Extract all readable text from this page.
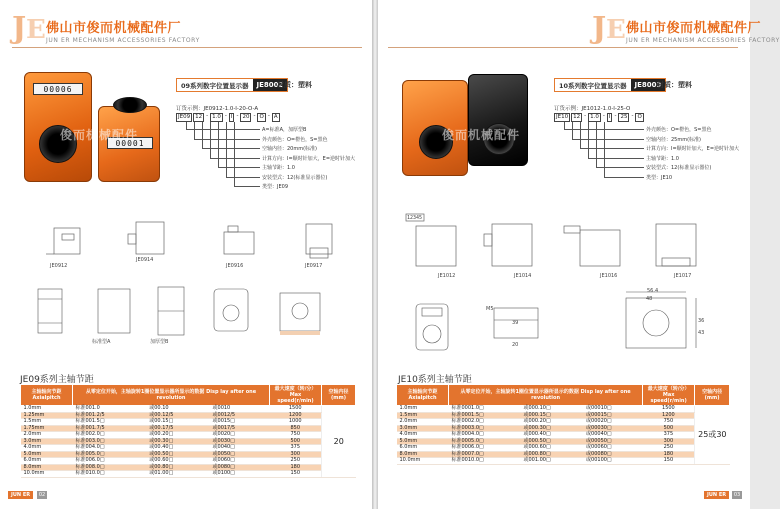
J E 佛山市俊而机械配件厂
JUN ER MECHANISM ACCESSORIES FACTORY
00006
00001
俊而机械配件
09系列数字位置显示器	JE8002
材质：塑料
订货示例：JE0912-1.0-I-20-O-A
JE09 12 - 1.0 - I - 20 - O - A
A=标准A，加厚型B
外壳颜色：O=橙色，S=黑色
空轴内径：20mm(标准)
计算方向：I=顺时针加大，E=逆时针加大
主轴节距：1.0
安装型式：12(标准显示器位)
类型：JE09
JE0912
JE0914
JE0916	JE0917
标准型A	加厚型B
JE09系列主轴节距
主轴轴向节距 Axialpitch	从零定位开始，主轴旋转1圈位置显示器所显示的数据 Disp lay after one revolution			最大速度（转/分） Max speed(r/min)	空轴内径 (mm)
1.0mm	标准001.0	或00.10	或0010	1500	20
1.25mm	标准001.2/5	或00.12/5	或0012/5	1200	
1.5mm	标准001.5□	或00.15□	或0015□	1000	
1.75mm	标准001.7/5	或00.17/5	或0017/5	850	
2.0mm	标准002.0□	或00.20□	或0020□	750	
3.0mm	标准003.0□	或00.30□	或0030□	500	
4.0mm	标准004.0□	或00.40□	或0040□	375	
5.0mm	标准005.0□	或00.50□	或0050□	300	
6.0mm	标准006.0□	或00.60□	或0060□	250	
8.0mm	标准008.0□	或00.80□	或0080□	180	
10.0mm	标准010.0□	或01.00□	或0100□	150	
JUN ER	02
J E 佛山市俊而机械配件厂
JUN ER MECHANISM ACCESSORIES FACTORY
俊而机械配件
10系列数字位置显示器	JE8003
材质：塑料
订货示例：JE1012-1.0-I-25-O
JE10 12 - 1.0 - I - 25 - O
外壳颜色：O=橙色，S=黑色
空轴内径：25mm(标准)
计算方向：I=顺时针加大，E=逆时针加大
主轴节距：1.0
安装型式：12(标准显示器位)
类型：JE10
12345
JE1012	JE1014	JE1016	JE1017
56.4
48
M5
39
20
36
43
JE10系列主轴节距
主轴轴向节距 Axialpitch	从零定位开始，主轴旋转1圈位置显示器所显示的数据 Disp lay after one revolution			最大速度（转/分） Max speed(r/min)	空轴内径 (mm)
1.0mm	标准0001.0□	或000.10□	或00010□	1500	25或30
1.5mm	标准0001.5□	或000.15□	或00015□	1200	
2.0mm	标准0002.0□	或000.20□	或00020□	750	
3.0mm	标准0003.0□	或000.30□	或00030□	500	
4.0mm	标准0004.0□	或000.40□	或00040□	375	
5.0mm	标准0005.0□	或000.50□	或00050□	300	
6.0mm	标准0006.0□	或000.60□	或00060□	250	
8.0mm	标准0007.0□	或000.80□	或00080□	180	
10.0mm	标准0010.0□	或001.00□	或00100□	150	
JUN ER	03
